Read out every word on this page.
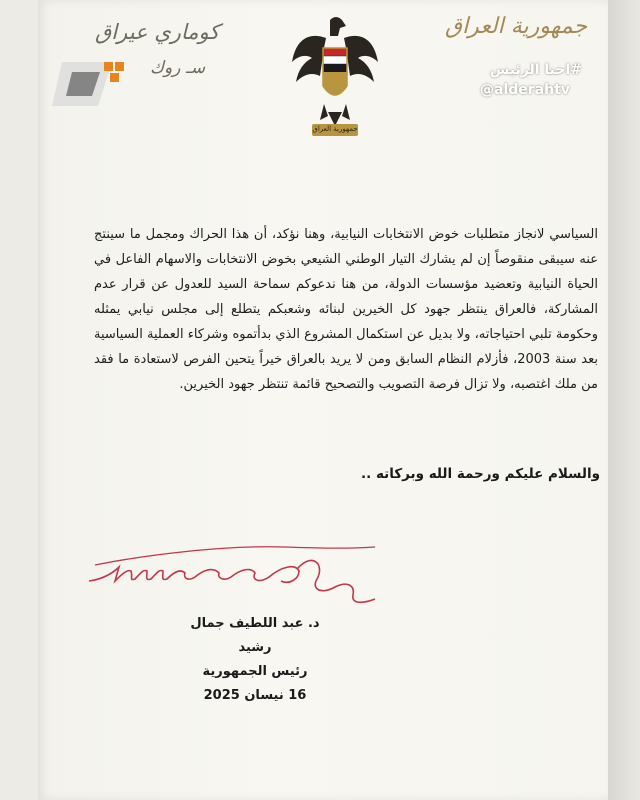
جمهورية العراق
كوماري عيراق
سـ روك
جمهورية العراق
#احنا الرئيس
@alderahtv

السياسي لانجاز متطلبات خوض الانتخابات النيابية، وهنا نؤكد، أن هذا الحراك ومجمل ما سينتج عنه سيبقى منقوصاً إن لم يشارك التيار الوطني الشيعي بخوض الانتخابات والاسهام الفاعل في الحياة النيابية وتعضيد مؤسسات الدولة، من هنا ندعوكم سماحة السيد للعدول عن قرار عدم المشاركة، فالعراق ينتظر جهود كل الخيرين لبنائه وشعبكم يتطلع إلى مجلس نيابي يمثله وحكومة تلبي احتياجاته، ولا بديل عن استكمال المشروع الذي بدأتموه وشركاء العملية السياسية بعد سنة 2003، فأزلام النظام السابق ومن لا يريد بالعراق خيراً يتحين الفرص لاستعادة ما فقد من ملك اغتصبه، ولا تزال فرصة التصويب والتصحيح قائمة تنتظر جهود الخيرين.

والسلام عليكم ورحمة الله وبركاته ..
د. عبد اللطيف جمال رشيد
رئيس الجمهورية
16 نيسان 2025
